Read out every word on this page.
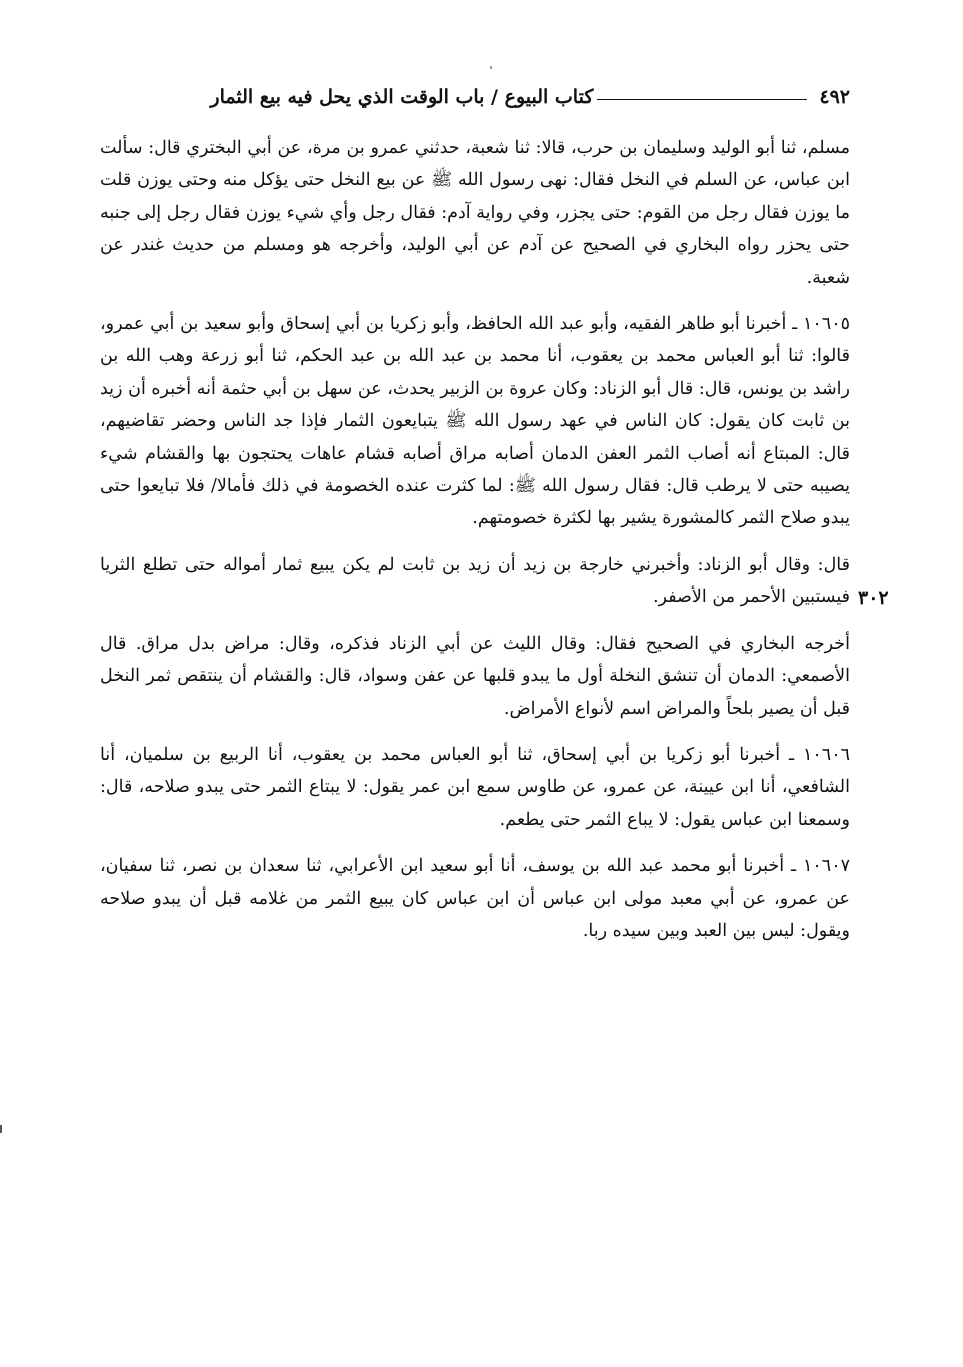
٤٩٢
كتاب البيوع / باب الوقت الذي يحل فيه بيع الثمار

مسلم، ثنا أبو الوليد وسليمان بن حرب، قالا: ثنا شعبة، حدثني عمرو بن مرة، عن أبي البختري قال: سألت ابن عباس، عن السلم في النخل فقال: نهى رسول الله ﷺ عن بيع النخل حتى يؤكل منه وحتى يوزن قلت ما يوزن فقال رجل من القوم: حتى يجزر، وفي رواية آدم: فقال رجل وأي شيء يوزن فقال رجل إلى جنبه حتى يحزر رواه البخاري في الصحيح عن آدم عن أبي الوليد، وأخرجه هو ومسلم من حديث غندر عن شعبة.

١٠٦٠٥ ـ أخبرنا أبو طاهر الفقيه، وأبو عبد الله الحافظ، وأبو زكريا بن أبي إسحاق وأبو سعيد بن أبي عمرو، قالوا: ثنا أبو العباس محمد بن يعقوب، أنا محمد بن عبد الله بن عبد الحكم، ثنا أبو زرعة وهب الله بن راشد بن يونس، قال: قال أبو الزناد: وكان عروة بن الزبير يحدث، عن سهل بن أبي حثمة أنه أخبره أن زيد بن ثابت كان يقول: كان الناس في عهد رسول الله ﷺ يتبايعون الثمار فإذا جد الناس وحضر تقاضيهم، قال: المبتاع أنه أصاب الثمر العفن الدمان أصابه مراق أصابه قشام عاهات يحتجون بها والقشام شيء يصيبه حتى لا يرطب قال: فقال رسول الله ﷺ: لما كثرت عنده الخصومة في ذلك فأمالا/ فلا تبايعوا حتى يبدو صلاح الثمر كالمشورة يشير بها لكثرة خصومتهم.

قال: وقال أبو الزناد: وأخبرني خارجة بن زيد أن زيد بن ثابت لم يكن يبيع ثمار أمواله حتى تطلع الثريا فيستبين الأحمر من الأصفر.

أخرجه البخاري في الصحيح فقال: وقال الليث عن أبي الزناد فذكره، وقال: مراض بدل مراق. قال الأصمعي: الدمان أن تنشق النخلة أول ما يبدو قلبها عن عفن وسواد، قال: والقشام أن ينتقص ثمر النخل قبل أن يصير بلحاً والمراض اسم لأنواع الأمراض.

١٠٦٠٦ ـ أخبرنا أبو زكريا بن أبي إسحاق، ثنا أبو العباس محمد بن يعقوب، أنا الربيع بن سلميان، أنا الشافعي، أنا ابن عيينة، عن عمرو، عن طاوس سمع ابن عمر يقول: لا يبتاع الثمر حتى يبدو صلاحه، قال: وسمعنا ابن عباس يقول: لا يباع الثمر حتى يطعم.

١٠٦٠٧ ـ أخبرنا أبو محمد عبد الله بن يوسف، أنا أبو سعيد ابن الأعرابي، ثنا سعدان بن نصر، ثنا سفيان، عن عمرو، عن أبي معبد مولى ابن عباس أن ابن عباس كان يبيع الثمر من غلامه قبل أن يبدو صلاحه ويقول: ليس بين العبد وبين سيده ربا.

٣٠٢
